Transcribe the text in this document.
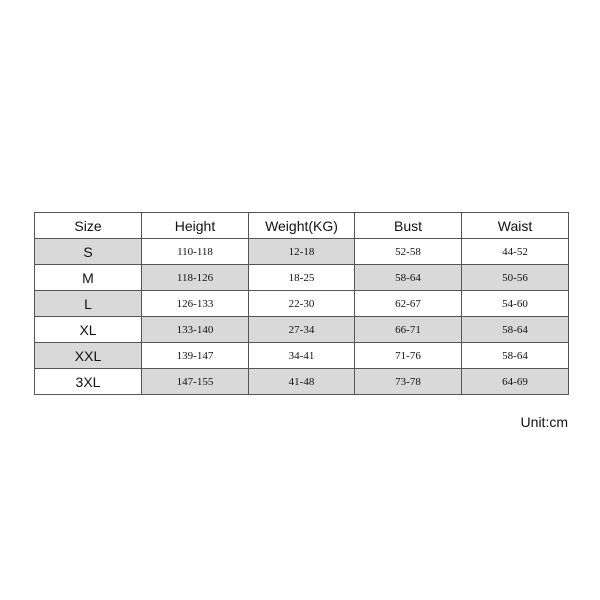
Size	Height	Weight(KG)	Bust	Waist
S	110-118	12-18	52-58	44-52
M	118-126	18-25	58-64	50-56
L	126-133	22-30	62-67	54-60
XL	133-140	27-34	66-71	58-64
XXL	139-147	34-41	71-76	58-64
3XL	147-155	41-48	73-78	64-69

Unit:cm
